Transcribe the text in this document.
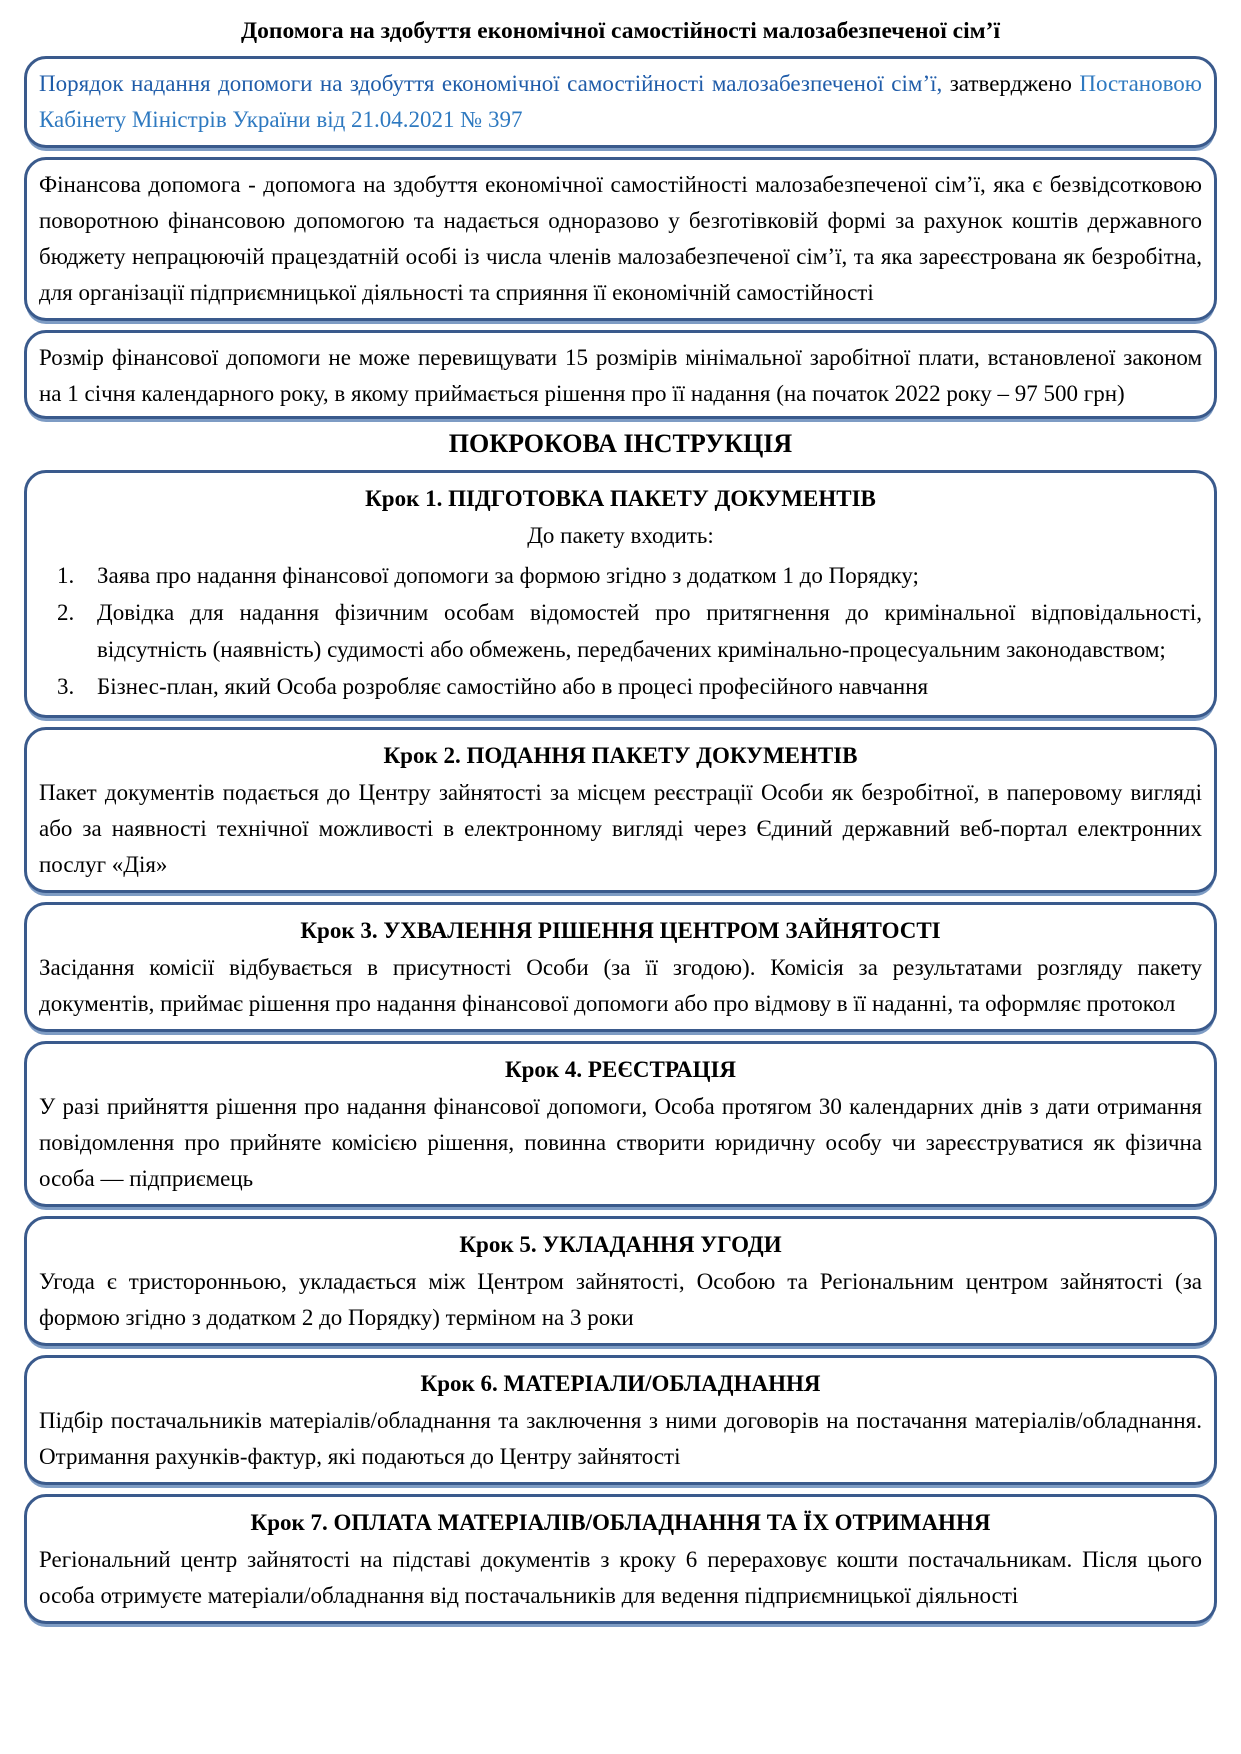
Допомога на здобуття економічної самостійності малозабезпеченої сім’ї

Порядок надання допомоги на здобуття економічної самостійності малозабезпеченої сім’ї, затверджено Постановою Кабінету Міністрів України від 21.04.2021 № 397

Фінансова допомога - допомога на здобуття економічної самостійності малозабезпеченої сім’ї, яка є безвідсотковою поворотною фінансовою допомогою та надається одноразово у безготівковій формі за рахунок коштів державного бюджету непрацюючій працездатній особі із числа членів малозабезпеченої сім’ї, та яка зареєстрована як безробітна, для організації підприємницької діяльності та сприяння її економічній самостійності

Розмір фінансової допомоги не може перевищувати 15 розмірів мінімальної заробітної плати, встановленої законом на 1 січня календарного року, в якому приймається рішення про її надання (на початок 2022 року – 97 500 грн)

ПОКРОКОВА ІНСТРУКЦІЯ
Крок 1. ПІДГОТОВКА ПАКЕТУ ДОКУМЕНТІВ

До пакету входить:

Заява про надання фінансової допомоги за формою згідно з додатком 1 до Порядку;
Довідка для надання фізичним особам відомостей про притягнення до кримінальної відповідальності, відсутність (наявність) судимості або обмежень, передбачених кримінально-процесуальним законодавством;
Бізнес-план, який Особа розробляє самостійно або в процесі професійного навчання
Крок 2. ПОДАННЯ ПАКЕТУ ДОКУМЕНТІВ

Пакет документів подається до Центру зайнятості за місцем реєстрації Особи як безробітної, в паперовому вигляді або за наявності технічної можливості в електронному вигляді через Єдиний державний веб-портал електронних послуг «Дія»

Крок 3. УХВАЛЕННЯ РІШЕННЯ ЦЕНТРОМ ЗАЙНЯТОСТІ

Засідання комісії відбувається в присутності Особи (за її згодою). Комісія за результатами розгляду пакету документів, приймає рішення про надання фінансової допомоги або про відмову в її наданні, та оформляє протокол

Крок 4. РЕЄСТРАЦІЯ

У разі прийняття рішення про надання фінансової допомоги, Особа протягом 30 календарних днів з дати отримання повідомлення про прийняте комісією рішення, повинна створити юридичну особу чи зареєструватися як фізична особа — підприємець

Крок 5. УКЛАДАННЯ УГОДИ

Угода є тристоронньою, укладається між Центром зайнятості, Особою та Регіональним центром зайнятості (за формою згідно з додатком 2 до Порядку) терміном на 3 роки

Крок 6. МАТЕРІАЛИ/ОБЛАДНАННЯ

Підбір постачальників матеріалів/обладнання та заключення з ними договорів на постачання матеріалів/обладнання. Отримання рахунків-фактур, які подаються до Центру зайнятості

Крок 7. ОПЛАТА МАТЕРІАЛІВ/ОБЛАДНАННЯ ТА ЇХ ОТРИМАННЯ

Регіональний центр зайнятості на підставі документів з кроку 6 перераховує кошти постачальникам. Після цього особа отримуєте матеріали/обладнання від постачальників для ведення підприємницької діяльності
